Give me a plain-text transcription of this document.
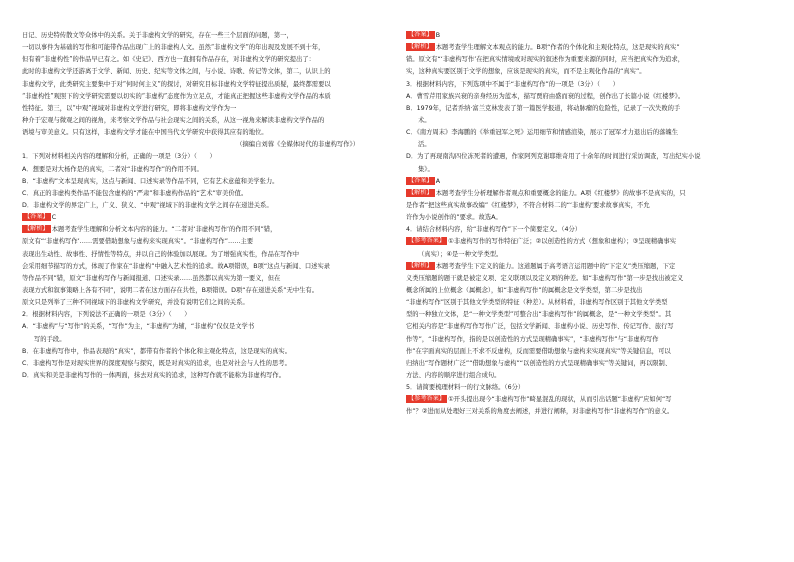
日记、历史特传散文等众体中的关系。关于非虚构文学的研究，存在一些三个层面的问题，第一，
一切以事件为基础的写作和可能带作品出现广上的非虚构人文。虽然“非虚构文学”的年出现及发展不到十年，
但有着“非虚构性”的作品早已有之。如《史记》、西方也一直拥有作品存在，对非虚构文学的研究提出了：
此时的非虚构文学还游离于文学、新闻、历史、纪实等文体之间，与小说、诗歌、传记等文体，第二，认识上的
非虚构文学，此类研究主要集中于对“何时何主义”的探讨，对研究目标非虚构文学特征提出质疑，最终都需要以
“非虚构性”观照下的文学研究需要以切实的“非虚构”态度作为立足点，才能真正把握这些非虚构文学作品的本质
性特征。第三，以“中观”视域对非虚构文学进行研究，即将非虚构文学作为一
种介于宏观与微观之间的视角，来考察文学作品与社会现实之间的关系，从这一视角来解读非虚构文学作品的
语境与审美意义。只有这样，非虚构文学才能在中国当代文学研究中获得其应有的地位。
（摘编自刘蓉《全媒体时代的非虚构写作》）
1．下列对材料相关内容的理解和分析，正确的一项是（3分）（　　）
A．想要是对大杨作是的真实，二者对“非虚构写作”的作用不同。
B．“非虚构”文本呈现真实，这点与新闻、口述实录等作品不同，它有艺术意蕴和美学张力。
C．真正的非虚构类作品不能包含虚构的“严肃”和非虚构作品的“艺术”审美价值。
D．非虚构文学的界定广上，广义、狭义、“中观”视域下的非虚构文学之间存在递进关系。
【答案】 C
【解析】 本题考查学生理解和分析文本内容的能力。“二者对‘非虚构写作’的作用不同”错，
原文有“‘非虚构写作’……需要借助想象与虚构来实现真实”。“非虚构写作”……主要
表现出生动性、故事性、抒情性等特点，并以自己的体验加以展现。为了增强真实性，作品在写作中
会采用细节描写的方式，体现了作家在“非虚构”中融入艺术性的追求。故A项错误，B项“这点与新闻、口述实录
等作品不同”错，原文“非虚构写作与新闻报道、口述实录……虽然都以真实为第一要义，但在
表现方式和叙事策略上各有不同”，说明二者在这方面存在共性，B项错误。D项“存在递进关系”无中生有。
原文只是列举了三种不同视域下的非虚构文学研究，并没有说明它们之间的关系。
2．根据材料内容，下列说法不正确的一项是（3分）（　　）
A．“非虚构”与“写作”的关系，“写作”为主，“非虚构”为辅，“非虚构”仅仅是文学书
写的手段。
B．在非虚构写作中，作品表现的“真实”，都带有作者的个体化和主观化特点，这是现实的真实。
C．非虚构写作是对现实世界的深度观察与探究，既是对真实的追求，也是对社会与人性的思考。
D．真实和美是非虚构写作的一体两面，抹去对真实的追求，这种写作就不能称为非虚构写作。
【答案】 B
【解析】 本题考查学生理解文本观点的能力。B项“作者的个体化和主观化特点，这是现实的真实”
错。原文有“‘非虚构写作’在把真实情境或对现实的叙述作为重要来源的同时，应当把真实作为追求，
实，这种真实要区别于文学的想象，应该是现实的真实，而不是主观化作品的“真实”。
3．根据材料内容，下列选项中不属于“非虚构写作”的一项是（3分）（　　）
A．曹雪芹用家族兴衰的亲身经历为蓝本，描写贾府由盛而衰的过程，创作出了长篇小说《红楼梦》。
B．1979年，记者乔纳·富兰克林发表了第一篇医学报道，将动脉瘤的危险性，记录了一次失败的手
术。
C．《南方周末》李海鹏的《举重冠军之死》运用细节和情感渲染，展示了冠军才力退出后的落魄生
活。
D．为了再现南沟四位冻死者的遭遇，作家阿列克谢耶维奇用了十余年的时间进行采访调查，写出纪实小说
集》。
【答案】 A
【解析】 本题考查学生分析理解作者观点和重要概念的能力。A项《红楼梦》的故事不是真实的，只
是作者“把这些真实故事改编”《红楼梦》，不符合材料二的“‘非虚构’要求故事真实，不允
许作为小说创作的”要求。故选A。
4．请结合材料内容，给“非虚构写作”下一个简要定义。（4分）
【参考答案】 ①非虚构写作的写作特征广泛；②以创造性的方式（想象和虚构）；③呈现精确事实
（真实）；④是一种文学类型。
【解析】 本题考查学生下定义的能力。这道题属于高考语言运用题中的“下定义”类压缩题，下定
义类压缩题的题干就是被定义项、定义联项以及定义项的种差。如“非虚构写作”第一步是找出被定义
概念所属的上位概念（属概念），如“非虚构写作”的属概念是文学类型，第二步是找出
“非虚构写作”区别于其他文学类型的特征（种差）。从材料看，非虚构写作区别于其他文学类型
型的一种独立文体，是“一种文学类型”可整合出“非虚构写作”的属概念，是“一种文学类型”。其
它相关内容是“非虚构写作写作广泛，包括文学新闻、非虚构小说、历史写作、传记写作、旅行写
作等”，“非虚构写作，指的是以创造性的方式呈现精确事实”，“非虚构写作”与“非虚构写作
作”在字面真实的层面上不求不反虚构，反而需要借助想象与虚构来实现真实”等关键信息，可以
归纳出“写作题材广泛”“借助想象与虚构”“以创造性的方式呈现精确事实”等关键词，再以限制、
方法、内容的顺序进行组合成句。
5．请简要梳理材料一的行文脉络。（6分）
【参考答案】 ①开头提出现今“非虚构写作”畸显混乱的现状，从而引出话题“非虚构”应如何“写
作”？②进而从处理好三对关系的角度去阐述，并进行阐释，对非虚构写作“非虚构写作”的意义。
